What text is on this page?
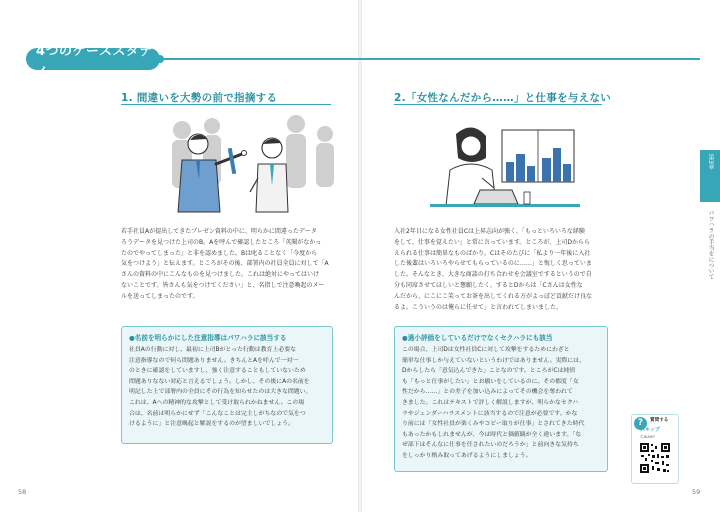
4つのケーススタディ
1. 間違いを大勢の前で指摘する

若手社員Aが提出してきたプレゼン資料の中に、明らかに間違ったデータ

ろうデータを見つけた上司のB。Aを呼んで確認したところ「英聞がなかっ

たのでやってしまった」と非を認めました。Bは叱ることなく「今度から

気をつけよう」と伝えます。ところがその後、部署内の社員全員に対して「A

さんの資料の中にこんなものを見つけました。これは絶対にやってはいけ

ないことです。皆さんも気をつけてください」と、名指しで注意喚起のメー

ルを送ってしまったのです。

●名前を明らかにした注意指導はパワハラに該当する
社員Aの行動に対し、最初に上司Bがとった行動は教育上必要な
注意指導なので何ら問題ありません。きちんとAを呼んで一対一
のときに確認をしていますし、強く注意することもしていないため
問題ありなない対応と言えるでしょう。しかし、その後にAの名前を
明記した上で部署内の全員にその行為を知らせたのは大きな問題い。
これは、Aへの精神的な攻撃として受け取られかねません。この場
合は、名前は明らかにせず「こんなことは完主しがちなので気をつ
けるように」と注意喚起と解説をするのが望ましいでしょう。
2.「女性なんだから……」と仕事を与えない

入社2年目になる女性社員Cは上昇志向が強く、「もっといろいろな経験

をして、仕事を覚えたい」と常に言っています。ところが、上司Dからら

えられる仕事は簡単なものばかり。Cはそのたびに「私より一年後に入社

した後輩はいろいろやらせてもらっているのに……」と悔しく思っていま

した。そんなとき、大きな商談の打ち合わせを会議室でするというので自

分も同席させてほしいと懇願したく、するとDからは「Cさんは女性な

んだから、にこにこ笑ってお茶を出してくれる方がよっぽど貢献だけ良な

るよ。こういうのは俺らに任せて」と言われてしまいました。

●過小評価をしているだけでなくセクハラにも該当
この場合、上司Dは女性社員Cに対して攻撃をするためにわざと
簡単な仕事しか与えていないというわけではありません。実際には、
Dからしたら「意気込んできた」ことなのです。ところがCは純情
も「もっと仕事がしたい」とお願いをしているのに。その都度「女
性だから……」との差子を加い込みによってその機会を奪われて
きました。これはテキストで評しく解説しますが、明らかなセクハ
ラやジェンダーハラスメントに該当するので注意が必要です。かな
り前には「女性社員が楽くみやコピー取りが仕事」とされてきた時代
もあったかもしれませんが、今は時代と価値観が全く違います。「な
ぜ部下はそんなに仕事を任されたいのだろうか」と前向きな気持ち
をしっかり酌み取ってあげるようにしましょう。
第3章
パワハラの手当をについて
?	質問する
スキップ
©JKASP
58	59
